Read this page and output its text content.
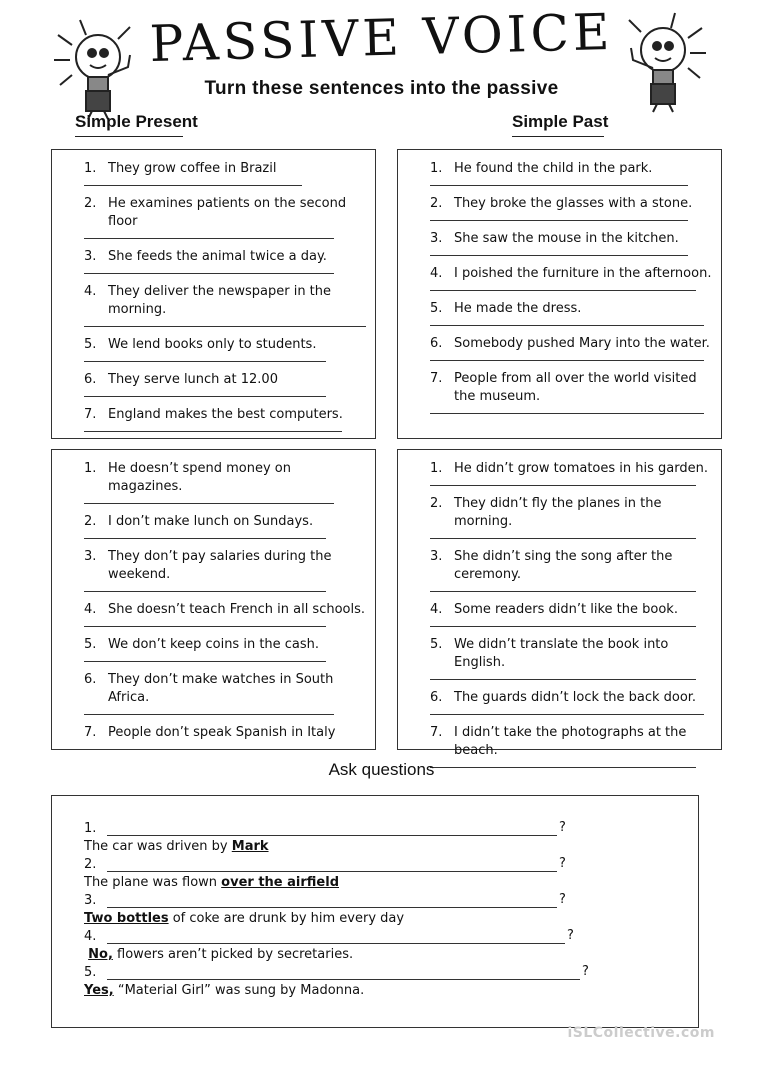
PASSIVE VOICE
Turn these sentences into the passive
Simple Present	Simple Past
1. They grow coffee in Brazil
2. He examines patients on the second floor
3. She feeds the animal twice a day.
4. They deliver the newspaper in the morning.
5. We lend books only to students.
6. They serve lunch at 12.00
7. England makes the best computers.
1. He found the child in the park.
2. They broke the glasses with a stone.
3. She saw the mouse in the kitchen.
4. I poished the furniture in the afternoon.
5. He made the dress.
6. Somebody pushed Mary into the water.
7. People from all over the world visited the museum.
1. He doesn’t spend money on magazines.
2. I don’t make lunch on Sundays.
3. They don’t pay salaries during the weekend.
4. She doesn’t teach French in all schools.
5. We don’t keep coins in the cash.
6. They don’t make watches in South Africa.
7. People don’t speak Spanish in Italy
1. He didn’t grow tomatoes in his garden.
2. They didn’t fly the planes in the morning.
3. She didn’t sing the song after the ceremony.
4. Some readers didn’t like the book.
5. We didn’t translate the book into English.
6. The guards didn’t lock the back door.
7. I didn’t take the photographs at the beach.
Ask questions
1.	?
The car was driven by Mark
2.	?
The plane was flown over the airfield
3.	?
Two bottles of coke are drunk by him every day
4.	?
No, flowers aren’t picked by secretaries.
5.	?
Yes, “Material Girl” was sung by Madonna.
iSLCollective.com
